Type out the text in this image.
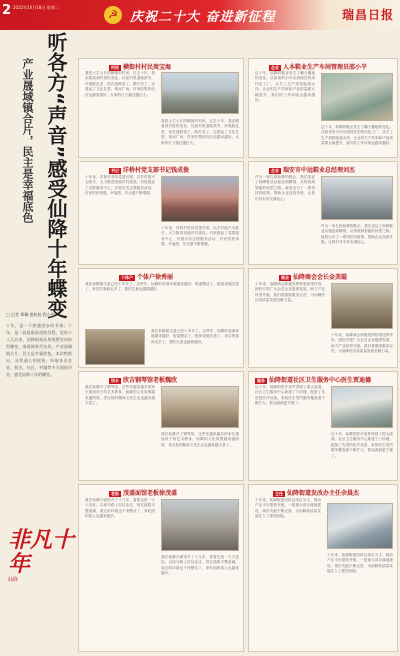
2 2022年10月18日 星期二
☭ 庆祝二十大 奋进新征程	瑞昌日报
听各方“声音”感受仙降十年蝶变
产业晟域镇合片，民主是幸福底色
□ 记者 郑璐 唐杭杭 程心怡
十年，是一个跨越进步的节奏；十年，是一段砥砺奋进的历程。党的十八大以来，仙降街道从传统塑业向转型蝶变，乘着新时代东风，产业晟域镇合片，民主是幸福底色。本次特推出，从普通人的视角，听取来自企业、机关、社区、村镇等多方面的声音，感受仙降十年的蝶变。
非凡十年
仙降
村民 横街村村民周宝海
我是土生土长的横街村村民，过去十年，我亲眼看到村里的变化。以前村里道路狭窄，环境脏乱差，现在道路宽了，路灯亮了，还建起了文化礼堂、休闲广场。村里的集体经济也越来越好，大家的日子越过越红火。
我是土生土长的横街村村民，过去十年，我亲眼看到村里的变化。以前村里道路狭窄，环境脏乱差，现在道路宽了，路灯亮了，还建起了文化礼堂、休闲广场。村里的集体经济也越来越好，大家的日子越过越红火。
企业 人本鞋业生产车间管理员邵小平
这十年，仙降的鞋业发生了翻天覆地的变化。从原来的小作坊到现在的现代化工厂，从手工生产到智能流水线，企业的生产效率和产品质量都大幅提升，我们的工作环境也越来越好。
这十年，仙降的鞋业发生了翻天覆地的变化。从原来的小作坊到现在的现代化工厂，从手工生产到智能流水线，企业的生产效率和产品质量都大幅提升，我们的工作环境也越来越好。
书记 洋桥村党支部书记钱成俊
十年来，洋桥村坚持党建引领，以乡村振兴为抓手，大力推进美丽乡村建设。村里建起了党群服务中心，开展各类志愿服务活动，村民的获得感、幸福感、安全感不断增强。
十年来，洋桥村坚持党建引领，以乡村振兴为抓手，大力推进美丽乡村建设。村里建起了党群服务中心，开展各类志愿服务活动，村民的获得感、幸福感、安全感不断增强。
企业 瑞安市中远鞋业总经理刘杰
作为一家扎根仙降的鞋企，我们见证了仙降鞋业从粗放到精细、从传统到智能的转型之路。政府出台了一系列扶持政策，帮助企业技改升级，让我们对未来充满信心。
作为一家扎根仙降的鞋企，我们见证了仙降鞋业从粗放到精细、从传统到智能的转型之路。政府出台了一系列扶持政策，帮助企业技改升级，让我们对未来充满信心。
个体户 个体户徐秀丽
我在仙降做生意已经十多年了。这些年，仙降的营商环境越来越好，街道整洁了，配套设施完善了，来往的客商也多了，我的生意也越做越好。
我在仙降做生意已经十多年了。这些年，仙降的营商环境越来越好，街道整洁了，配套设施完善了，来往的客商也多了，我的生意也越做越好。
商会 仙降商会会长金美聪
十年来，仙降商会积极发挥桥梁纽带作用，团结引领广大会员企业抱团发展，助力产业转型升级。我们将继续服务会员，为仙降经济高质量发展贡献力量。
十年来，仙降商会积极发挥桥梁纽带作用，团结引领广大会员企业抱团发展，助力产业转型升级。我们将继续服务会员，为仙降经济高质量发展贡献力量。
馆长 欣吉钢琴馆老板魏欣
我在仙降开了钢琴馆，这些年越来越多的家长重视孩子的艺术教育。仙降的文化氛围越来越浓厚，老百姓的精神文化生活也越来越丰富了。
我在仙降开了钢琴馆，这些年越来越多的家长重视孩子的艺术教育。仙降的文化氛围越来越浓厚，老百姓的精神文化生活也越来越丰富了。
服务 仙降街道社区卫生服务中心医生贾迪德
这十年，仙降的医疗条件得到了很大改善。社区卫生服务中心新建了门诊楼，配备了先进的医疗设备，家庭医生签约服务覆盖面不断扩大，群众看病更方便了。
这十年，仙降的医疗条件得到了很大改善。社区卫生服务中心新建了门诊楼，配备了先进的医疗设备，家庭医生签约服务覆盖面不断扩大，群众看病更方便了。
老板 茂盛面馆老板徐茂盛
我在仙降开面馆开了十几年，看着这里一天天变好。以前马路上坑坑洼洼，现在道路平整宽阔，周边的环境也干净整洁了，来吃面的客人也越来越多。
我在仙降开面馆开了十几年，看着这里一天天变好。以前马路上坑坑洼洼，现在道路平整宽阔，周边的环境也干净整洁了，来吃面的客人也越来越多。
主任 仙降街道发改办主任余晨杰
十年来，仙降街道坚持以项目为王，推动产业平台提档升级，一批重大项目落地建设，城市功能不断完善，为仙降高质量发展注入了强劲动能。
十年来，仙降街道坚持以项目为王，推动产业平台提档升级，一批重大项目落地建设，城市功能不断完善，为仙降高质量发展注入了强劲动能。
